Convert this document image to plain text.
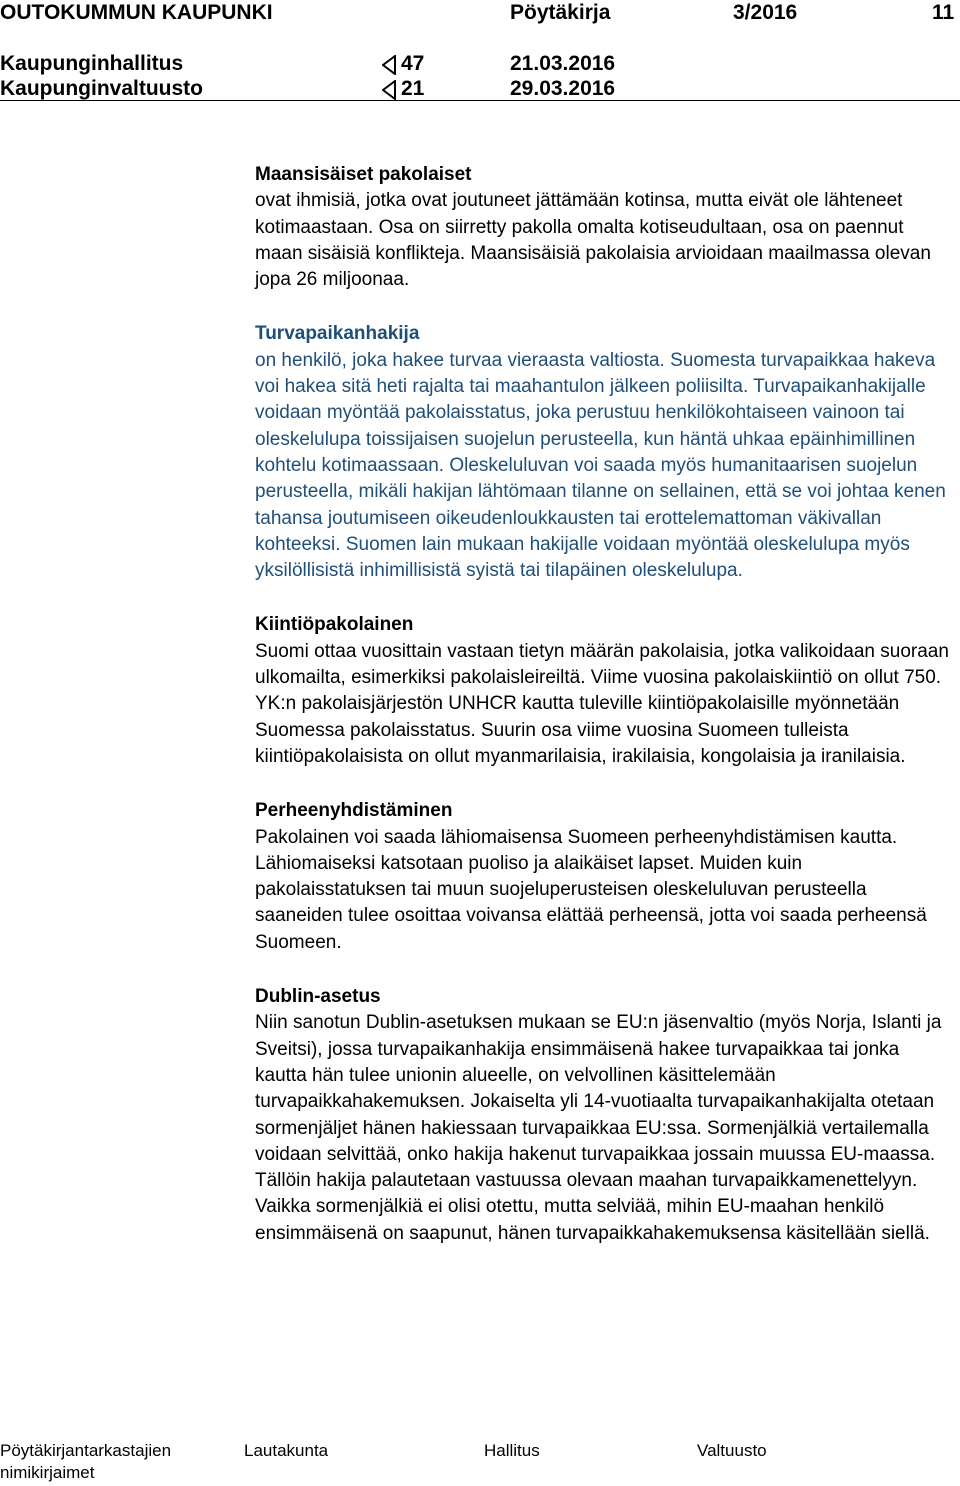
OUTOKUMMUN KAUPUNKI	Pöytäkirja	3/2016	11
Kaupunginhallitus	47	21.03.2016
Kaupunginvaltuusto	21	29.03.2016
Maansisäiset pakolaiset

ovat ihmisiä, jotka ovat joutuneet jättämään kotinsa, mutta eivät ole lähteneet kotimaastaan. Osa on siirretty pakolla omalta kotiseudultaan, osa on paennut maan sisäisiä konflikteja. Maansisäisiä pakolaisia arvioidaan maailmassa olevan jopa 26 miljoonaa.

Turvapaikanhakija

on henkilö, joka hakee turvaa vieraasta valtiosta. Suomesta turvapaikkaa hakeva voi hakea sitä heti rajalta tai maahantulon jälkeen poliisilta. Turvapaikanhakijalle voidaan myöntää pakolaisstatus, joka perustuu henkilökohtaiseen vainoon tai oleskelulupa toissijaisen suojelun perusteella, kun häntä uhkaa epäinhimillinen kohtelu kotimaassaan. Oleskeluluvan voi saada myös humanitaarisen suojelun perusteella, mikäli hakijan lähtömaan tilanne on sellainen, että se voi johtaa kenen tahansa joutumiseen oikeudenloukkausten tai erottelemattoman väkivallan kohteeksi. Suomen lain mukaan hakijalle voidaan myöntää oleskelulupa myös yksilöllisistä inhimillisistä syistä tai tilapäinen oleskelulupa.

Kiintiöpakolainen

Suomi ottaa vuosittain vastaan tietyn määrän pakolaisia, jotka valikoidaan suoraan ulkomailta, esimerkiksi pakolaisleireiltä. Viime vuosina pakolaiskiintiö on ollut 750. YK:n pakolaisjärjestön UNHCR kautta tuleville kiintiöpakolaisille myönnetään Suomessa pakolaisstatus. Suurin osa viime vuosina Suomeen tulleista kiintiöpakolaisista on ollut myanmarilaisia, irakilaisia, kongolaisia ja iranilaisia.

Perheenyhdistäminen

Pakolainen voi saada lähiomaisensa Suomeen perheenyhdistämisen kautta. Lähiomaiseksi katsotaan puoliso ja alaikäiset lapset. Muiden kuin pakolaisstatuksen tai muun suojeluperusteisen oleskeluluvan perusteella saaneiden tulee osoittaa voivansa elättää perheensä, jotta voi saada perheensä Suomeen.

Dublin-asetus

Niin sanotun Dublin-asetuksen mukaan se EU:n jäsenvaltio (myös Norja, Islanti ja Sveitsi), jossa turvapaikanhakija ensimmäisenä hakee turvapaikkaa tai jonka kautta hän tulee unionin alueelle, on velvollinen käsittelemään turvapaikkahakemuksen. Jokaiselta yli 14-vuotiaalta turvapaikanhakijalta otetaan sormenjäljet hänen hakiessaan turvapaikkaa EU:ssa. Sormenjälkiä vertailemalla voidaan selvittää, onko hakija hakenut turvapaikkaa jossain muussa EU-maassa. Tällöin hakija palautetaan vastuussa olevaan maahan turvapaikkamenettelyyn. Vaikka sormenjälkiä ei olisi otettu, mutta selviää, mihin EU-maahan henkilö ensimmäisenä on saapunut, hänen turvapaikkahakemuksensa käsitellään siellä.

Pöytäkirjantarkastajien
nimikirjaimet
Lautakunta	Hallitus	Valtuusto
